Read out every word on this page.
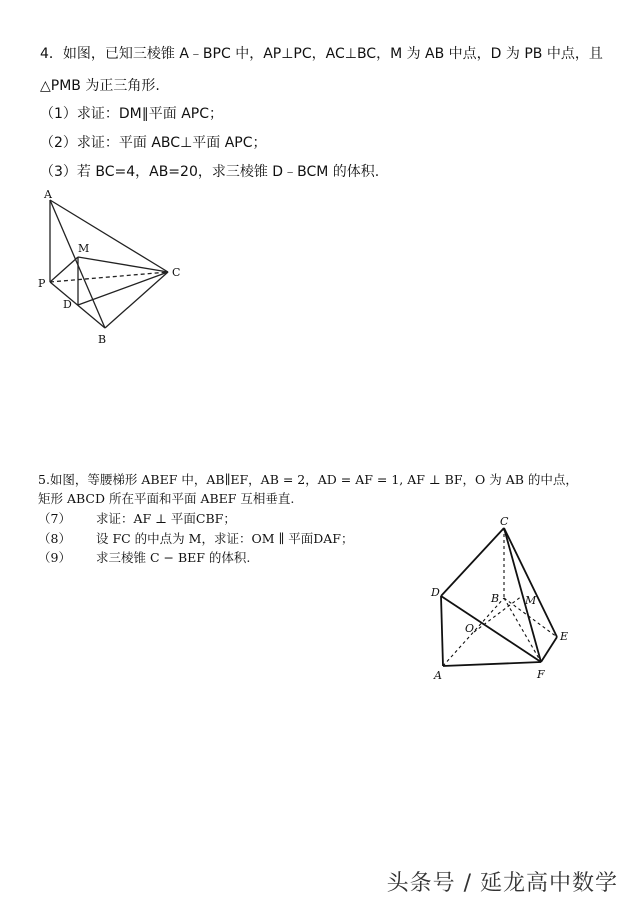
4．如图，已知三棱锥 A﹣BPC 中，AP⊥PC，AC⊥BC，M 为 AB 中点，D 为 PB 中点，且
△PMB 为正三角形.
（1）求证：DM∥平面 APC；
（2）求证：平面 ABC⊥平面 APC；
（3）若 BC=4，AB=20，求三棱锥 D﹣BCM 的体积.
A
M
C
P
D
B
5.如图，等腰梯形 ABEF 中，AB∥EF，AB = 2，AD = AF = 1, AF ⊥ BF，O 为 AB 的中点，
矩形 ABCD 所在平面和平面 ABEF 互相垂直.
（7） 求证：AF ⊥ 平面CBF；
（8） 设 FC 的中点为 M，求证：OM ∥ 平面DAF；
（9） 求三棱锥 C − BEF 的体积.
C
D	B M
O
E
A	F
头条号 / 延龙高中数学
